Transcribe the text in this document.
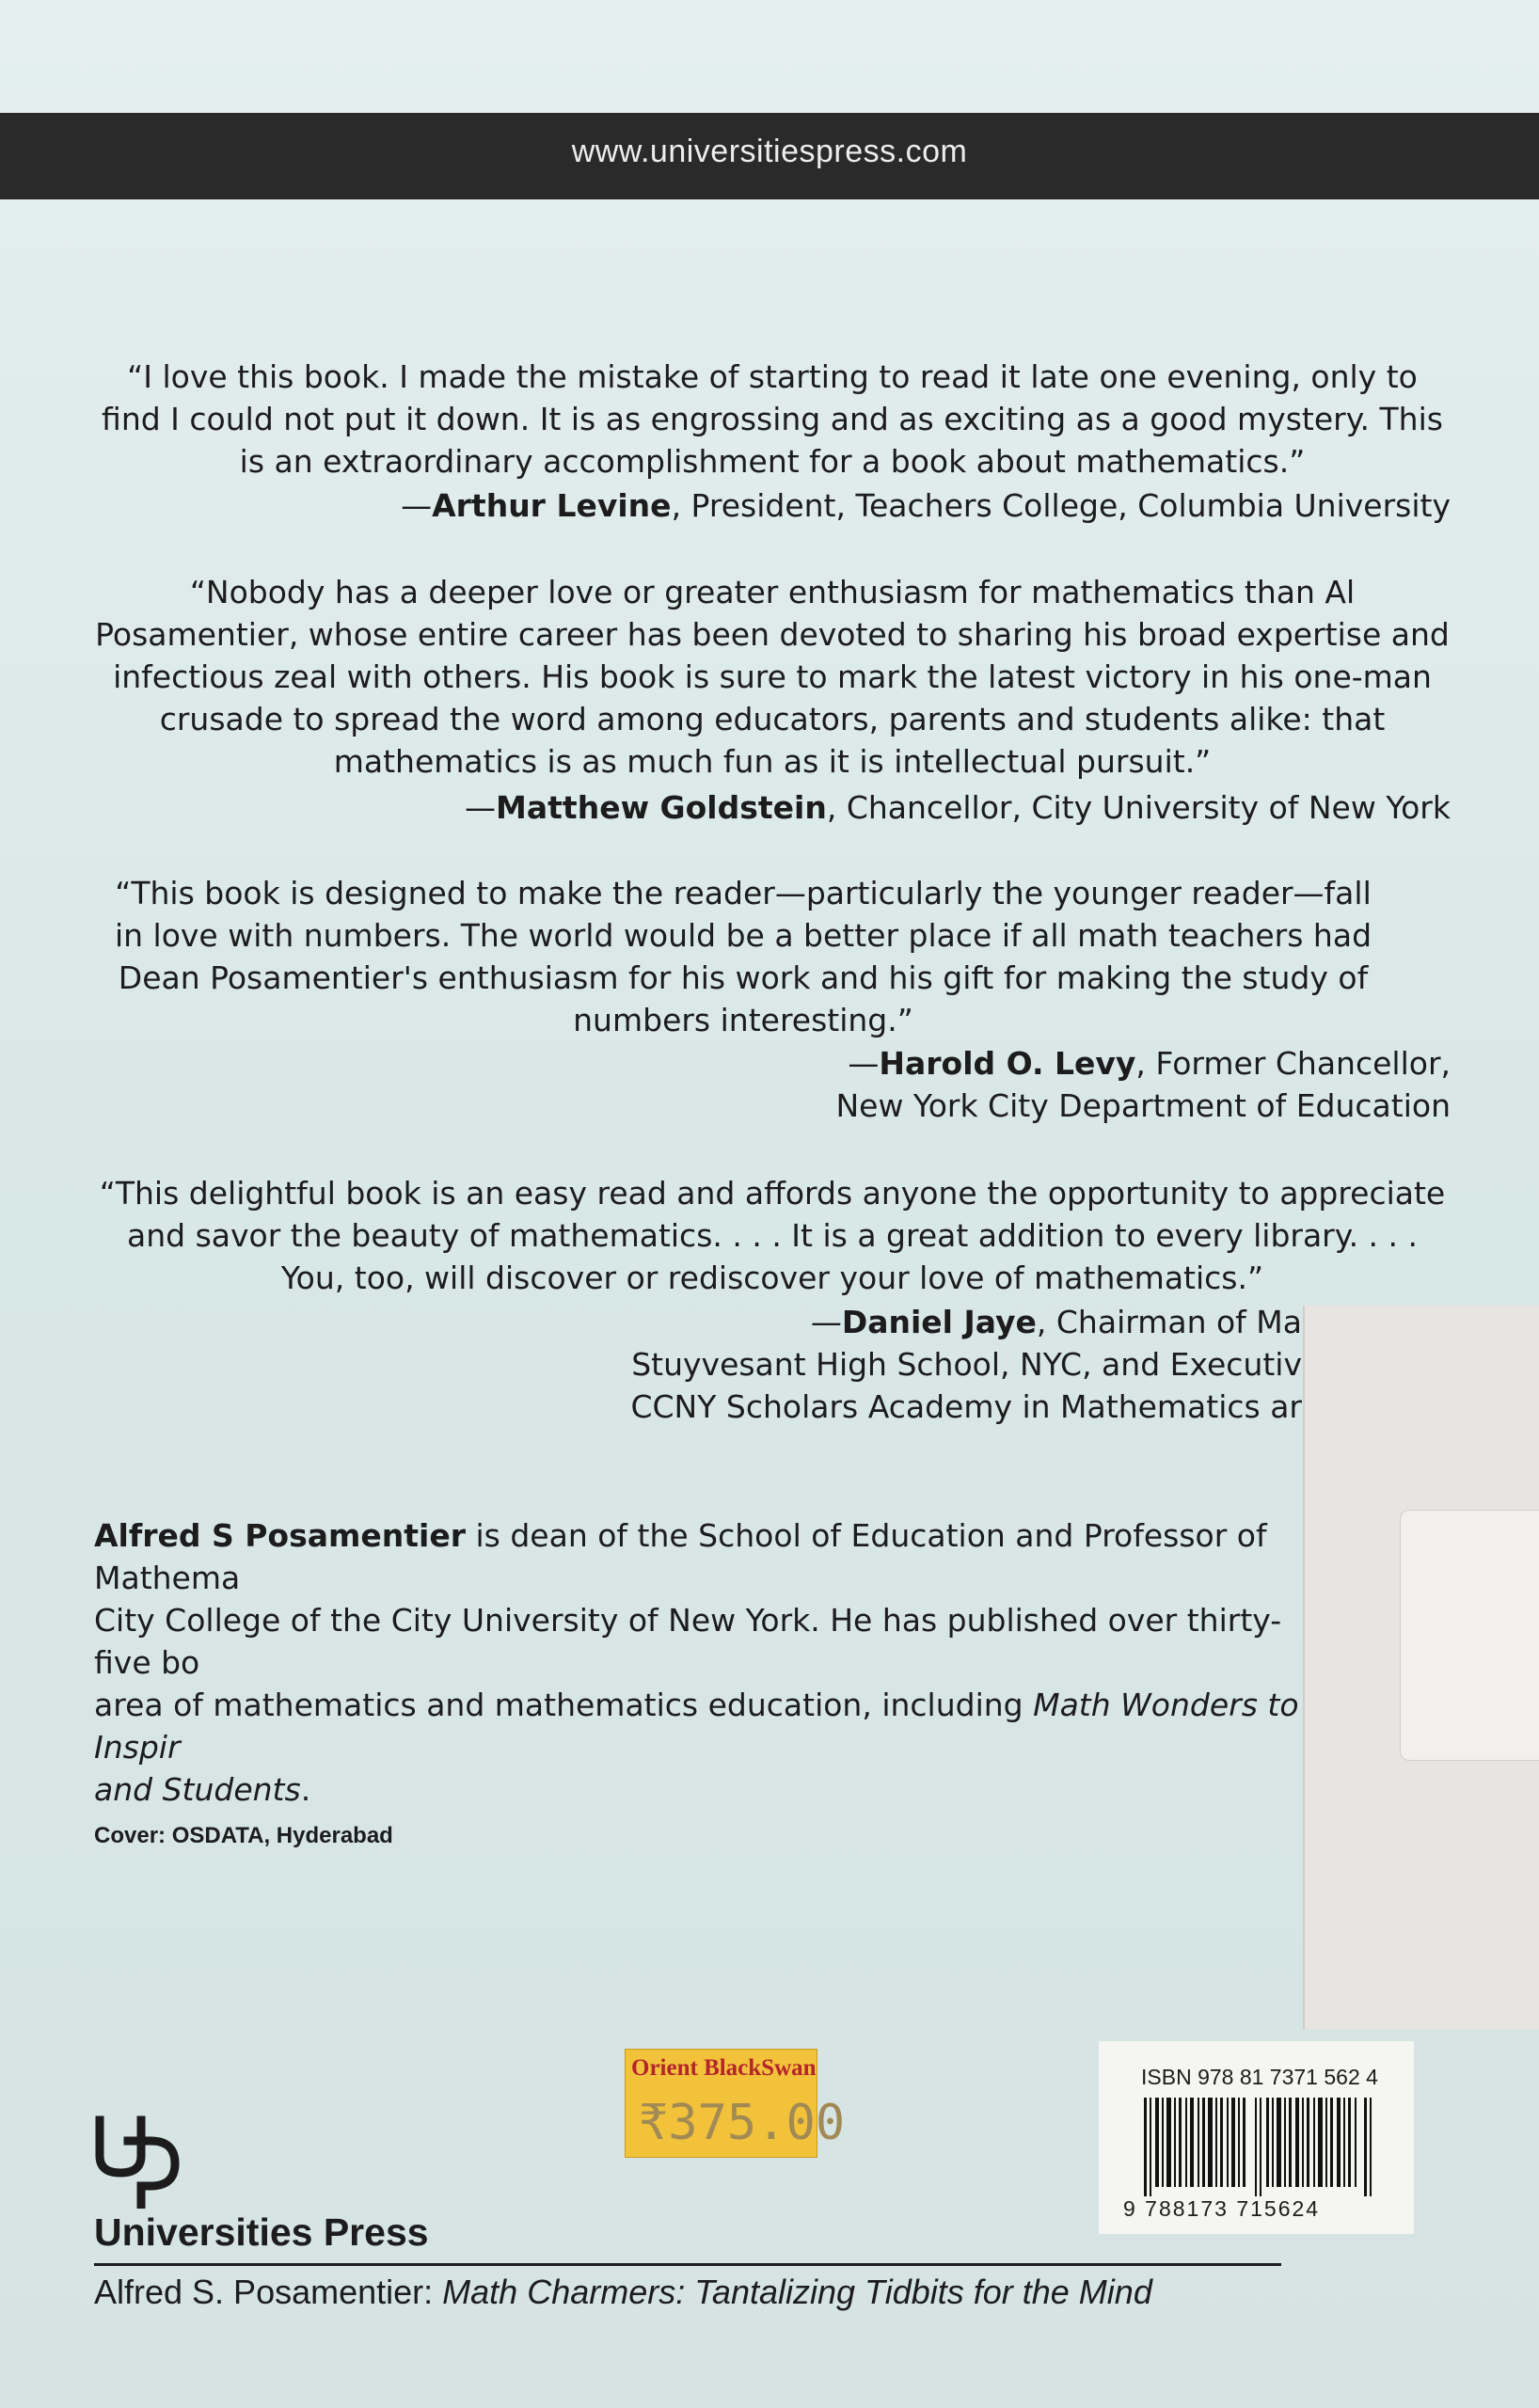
www.universitiespress.com
“I love this book. I made the mistake of starting to read it late one evening, only to find I could not put it down. It is as engrossing and as exciting as a good mystery. This is an extraordinary accomplishment for a book about mathematics.”
—Arthur Levine, President, Teachers College, Columbia University
“Nobody has a deeper love or greater enthusiasm for mathematics than Al Posamentier, whose entire career has been devoted to sharing his broad expertise and infectious zeal with others. His book is sure to mark the latest victory in his one-man crusade to spread the word among educators, parents and students alike: that mathematics is as much fun as it is intellectual pursuit.”
—Matthew Goldstein, Chancellor, City University of New York
“This book is designed to make the reader—particularly the younger reader—fall in love with numbers. The world would be a better place if all math teachers had Dean Posamentier's enthusiasm for his work and his gift for making the study of numbers interesting.”
—Harold O. Levy, Former Chancellor,
New York City Department of Education
“This delightful book is an easy read and affords anyone the opportunity to appreciate and savor the beauty of mathematics. . . . It is a great addition to every library. . . . You, too, will discover or rediscover your love of mathematics.”
—Daniel Jaye, Chairman of Ma
Stuyvesant High School, NYC, and Executiv
CCNY Scholars Academy in Mathematics ar
Alfred S Posamentier is dean of the School of Education and Professor of Mathema
City College of the City University of New York. He has published over thirty-five bo
area of mathematics and mathematics education, including Math Wonders to Inspir
and Students.
Cover: OSDATA, Hyderabad
Orient BlackSwan
₹375.00
ISBN 978 81 7371 562 4
9 788173 715624
Universities Press
Alfred S. Posamentier: Math Charmers: Tantalizing Tidbits for the Mind
